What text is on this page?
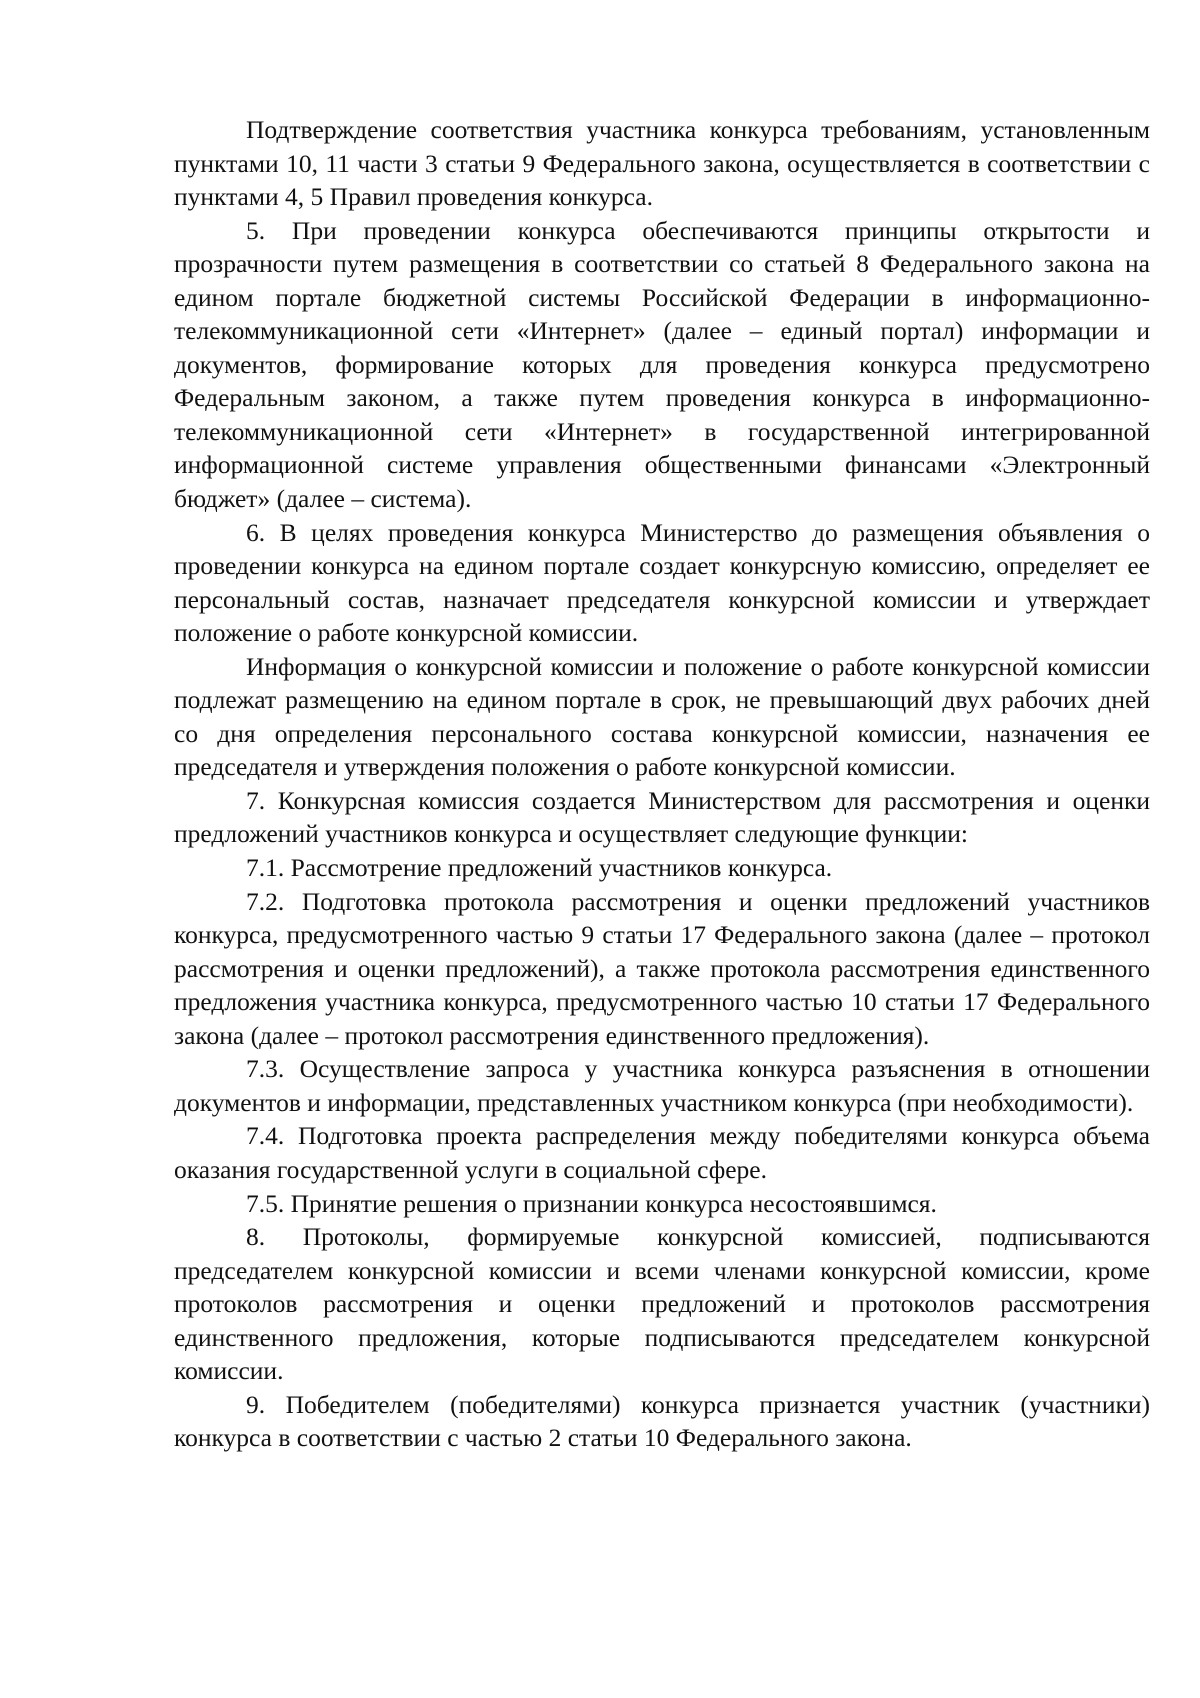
Подтверждение соответствия участника конкурса требованиям, установленным пунктами 10, 11 части 3 статьи 9 Федерального закона, осуществляется в соответствии с пунктами 4, 5 Правил проведения конкурса.

5. При проведении конкурса обеспечиваются принципы открытости и прозрачности путем размещения в соответствии со статьей 8 Федерального закона на едином портале бюджетной системы Российской Федерации в информационно-телекоммуникационной сети «Интернет» (далее – единый портал) информации и документов, формирование которых для проведения конкурса предусмотрено Федеральным законом, а также путем проведения конкурса в информационно-телекоммуникационной сети «Интернет» в государственной интегрированной информационной системе управления общественными финансами «Электронный бюджет» (далее – система).

6. В целях проведения конкурса Министерство до размещения объявления о проведении конкурса на едином портале создает конкурсную комиссию, определяет ее персональный состав, назначает председателя конкурсной комиссии и утверждает положение о работе конкурсной комиссии.

Информация о конкурсной комиссии и положение о работе конкурсной комиссии подлежат размещению на едином портале в срок, не превышающий двух рабочих дней со дня определения персонального состава конкурсной комиссии, назначения ее председателя и утверждения положения о работе конкурсной комиссии.

7. Конкурсная комиссия создается Министерством для рассмотрения и оценки предложений участников конкурса и осуществляет следующие функции:

7.1. Рассмотрение предложений участников конкурса.

7.2. Подготовка протокола рассмотрения и оценки предложений участников конкурса, предусмотренного частью 9 статьи 17 Федерального закона (далее – протокол рассмотрения и оценки предложений), а также протокола рассмотрения единственного предложения участника конкурса, предусмотренного частью 10 статьи 17 Федерального закона (далее – протокол рассмотрения единственного предложения).

7.3. Осуществление запроса у участника конкурса разъяснения в отношении документов и информации, представленных участником конкурса (при необходимости).

7.4. Подготовка проекта распределения между победителями конкурса объема оказания государственной услуги в социальной сфере.

7.5. Принятие решения о признании конкурса несостоявшимся.

8. Протоколы, формируемые конкурсной комиссией, подписываются председателем конкурсной комиссии и всеми членами конкурсной комиссии, кроме протоколов рассмотрения и оценки предложений и протоколов рассмотрения единственного предложения, которые подписываются председателем конкурсной комиссии.

9. Победителем (победителями) конкурса признается участник (участники) конкурса в соответствии с частью 2 статьи 10 Федерального закона.
